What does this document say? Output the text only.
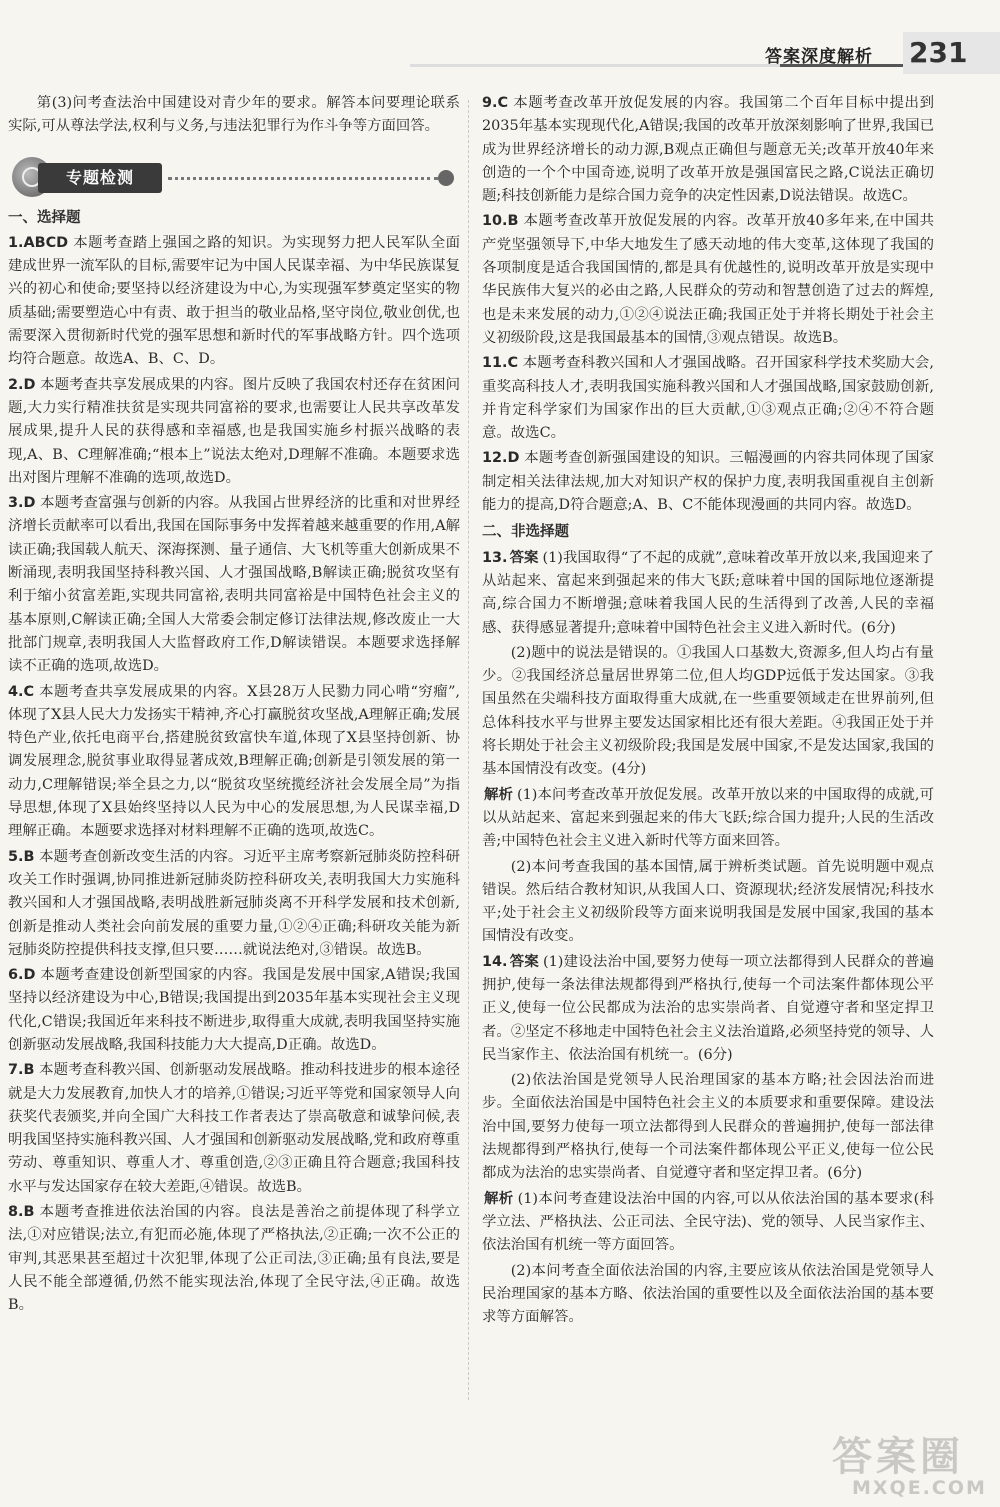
答案深度解析 231

第(3)问考查法治中国建设对青少年的要求。解答本问要理论联系实际,可从尊法学法,权利与义务,与违法犯罪行为作斗争等方面回答。

专题检测
一、选择题

1.ABCD 本题考查踏上强国之路的知识。为实现努力把人民军队全面建成世界一流军队的目标,需要牢记为中国人民谋幸福、为中华民族谋复兴的初心和使命;要坚持以经济建设为中心,为实现强军梦奠定坚实的物质基础;需要塑造心中有责、敢于担当的敬业品格,坚守岗位,敬业创优,也需要深入贯彻新时代党的强军思想和新时代的军事战略方针。四个选项均符合题意。故选A、B、C、D。

2.D 本题考查共享发展成果的内容。图片反映了我国农村还存在贫困问题,大力实行精准扶贫是实现共同富裕的要求,也需要让人民共享改革发展成果,提升人民的获得感和幸福感,也是我国实施乡村振兴战略的表现,A、B、C理解准确;“根本上”说法太绝对,D理解不准确。本题要求选出对图片理解不准确的选项,故选D。

3.D 本题考查富强与创新的内容。从我国占世界经济的比重和对世界经济增长贡献率可以看出,我国在国际事务中发挥着越来越重要的作用,A解读正确;我国载人航天、深海探测、量子通信、大飞机等重大创新成果不断涌现,表明我国坚持科教兴国、人才强国战略,B解读正确;脱贫攻坚有利于缩小贫富差距,实现共同富裕,表明共同富裕是中国特色社会主义的基本原则,C解读正确;全国人大常委会制定修订法律法规,修改废止一大批部门规章,表明我国人大监督政府工作,D解读错误。本题要求选择解读不正确的选项,故选D。

4.C 本题考查共享发展成果的内容。X县28万人民勠力同心啃“穷瘤”,体现了X县人民大力发扬实干精神,齐心打赢脱贫攻坚战,A理解正确;发展特色产业,依托电商平台,搭建脱贫致富快车道,体现了X县坚持创新、协调发展理念,脱贫事业取得显著成效,B理解正确;创新是引领发展的第一动力,C理解错误;举全县之力,以“脱贫攻坚统揽经济社会发展全局”为指导思想,体现了X县始终坚持以人民为中心的发展思想,为人民谋幸福,D理解正确。本题要求选择对材料理解不正确的选项,故选C。

5.B 本题考查创新改变生活的内容。习近平主席考察新冠肺炎防控科研攻关工作时强调,协同推进新冠肺炎防控科研攻关,表明我国大力实施科教兴国和人才强国战略,表明战胜新冠肺炎离不开科学发展和技术创新,创新是推动人类社会向前发展的重要力量,①②④正确;科研攻关能为新冠肺炎防控提供科技支撑,但只要……就说法绝对,③错误。故选B。

6.D 本题考查建设创新型国家的内容。我国是发展中国家,A错误;我国坚持以经济建设为中心,B错误;我国提出到2035年基本实现社会主义现代化,C错误;我国近年来科技不断进步,取得重大成就,表明我国坚持实施创新驱动发展战略,我国科技能力大大提高,D正确。故选D。

7.B 本题考查科教兴国、创新驱动发展战略。推动科技进步的根本途径就是大力发展教育,加快人才的培养,①错误;习近平等党和国家领导人向获奖代表颁奖,并向全国广大科技工作者表达了崇高敬意和诚挚问候,表明我国坚持实施科教兴国、人才强国和创新驱动发展战略,党和政府尊重劳动、尊重知识、尊重人才、尊重创造,②③正确且符合题意;我国科技水平与发达国家存在较大差距,④错误。故选B。

8.B 本题考查推进依法治国的内容。良法是善治之前提体现了科学立法,①对应错误;法立,有犯而必施,体现了严格执法,②正确;一次不公正的审判,其恶果甚至超过十次犯罪,体现了公正司法,③正确;虽有良法,要是人民不能全部遵循,仍然不能实现法治,体现了全民守法,④正确。故选B。

9.C 本题考查改革开放促发展的内容。我国第二个百年目标中提出到2035年基本实现现代化,A错误;我国的改革开放深刻影响了世界,我国已成为世界经济增长的动力源,B观点正确但与题意无关;改革开放40年来创造的一个个中国奇迹,说明了改革开放是强国富民之路,C说法正确切题;科技创新能力是综合国力竞争的决定性因素,D说法错误。故选C。

10.B 本题考查改革开放促发展的内容。改革开放40多年来,在中国共产党坚强领导下,中华大地发生了感天动地的伟大变革,这体现了我国的各项制度是适合我国国情的,都是具有优越性的,说明改革开放是实现中华民族伟大复兴的必由之路,人民群众的劳动和智慧创造了过去的辉煌,也是未来发展的动力,①②④说法正确;我国正处于并将长期处于社会主义初级阶段,这是我国最基本的国情,③观点错误。故选B。

11.C 本题考查科教兴国和人才强国战略。召开国家科学技术奖励大会,重奖高科技人才,表明我国实施科教兴国和人才强国战略,国家鼓励创新,并肯定科学家们为国家作出的巨大贡献,①③观点正确;②④不符合题意。故选C。

12.D 本题考查创新强国建设的知识。三幅漫画的内容共同体现了国家制定相关法律法规,加大对知识产权的保护力度,表明我国重视自主创新能力的提高,D符合题意;A、B、C不能体现漫画的共同内容。故选D。

二、非选择题

13. 答案 (1)我国取得“了不起的成就”,意味着改革开放以来,我国迎来了从站起来、富起来到强起来的伟大飞跃;意味着中国的国际地位逐渐提高,综合国力不断增强;意味着我国人民的生活得到了改善,人民的幸福感、获得感显著提升;意味着中国特色社会主义进入新时代。(6分)

(2)题中的说法是错误的。①我国人口基数大,资源多,但人均占有量少。②我国经济总量居世界第二位,但人均GDP远低于发达国家。③我国虽然在尖端科技方面取得重大成就,在一些重要领域走在世界前列,但总体科技水平与世界主要发达国家相比还有很大差距。④我国正处于并将长期处于社会主义初级阶段;我国是发展中国家,不是发达国家,我国的基本国情没有改变。(4分)

解析 (1)本问考查改革开放促发展。改革开放以来的中国取得的成就,可以从站起来、富起来到强起来的伟大飞跃;综合国力提升;人民的生活改善;中国特色社会主义进入新时代等方面来回答。

(2)本问考查我国的基本国情,属于辨析类试题。首先说明题中观点错误。然后结合教材知识,从我国人口、资源现状;经济发展情况;科技水平;处于社会主义初级阶段等方面来说明我国是发展中国家,我国的基本国情没有改变。

14. 答案 (1)建设法治中国,要努力使每一项立法都得到人民群众的普遍拥护,使每一条法律法规都得到严格执行,使每一个司法案件都体现公平正义,使每一位公民都成为法治的忠实崇尚者、自觉遵守者和坚定捍卫者。②坚定不移地走中国特色社会主义法治道路,必须坚持党的领导、人民当家作主、依法治国有机统一。(6分)

(2)依法治国是党领导人民治理国家的基本方略;社会因法治而进步。全面依法治国是中国特色社会主义的本质要求和重要保障。建设法治中国,要努力使每一项立法都得到人民群众的普遍拥护,使每一部法律法规都得到严格执行,使每一个司法案件都体现公平正义,使每一位公民都成为法治的忠实崇尚者、自觉遵守者和坚定捍卫者。(6分)

解析 (1)本问考查建设法治中国的内容,可以从依法治国的基本要求(科学立法、严格执法、公正司法、全民守法)、党的领导、人民当家作主、依法治国有机统一等方面回答。

(2)本问考查全面依法治国的内容,主要应该从依法治国是党领导人民治理国家的基本方略、依法治国的重要性以及全面依法治国的基本要求等方面解答。

答案圈
MXQE.COM
